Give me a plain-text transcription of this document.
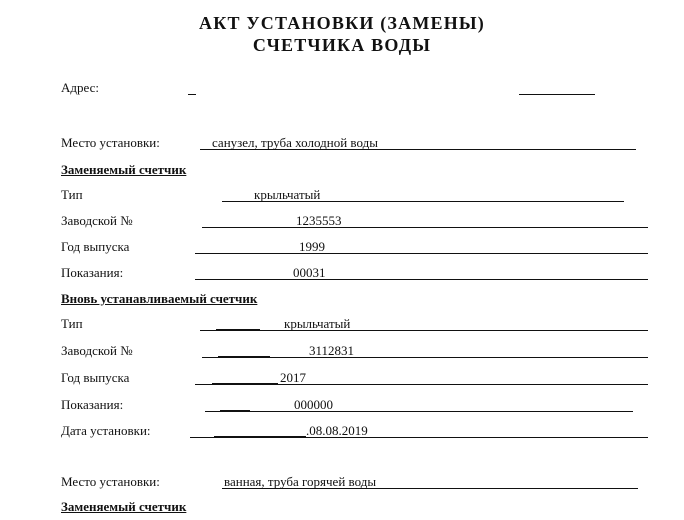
АКТ УСТАНОВКИ (ЗАМЕНЫ)
СЧЕТЧИКА ВОДЫ
Адрес:
Место установки:	санузел, труба холодной воды
Заменяемый счетчик
Тип	крыльчатый
Заводской №	1235553
Год выпуска	1999
Показания:	00031
Вновь устанавливаемый счетчик
Тип	крыльчатый
Заводской №	3112831
Год выпуска	2017
Показания:	000000
Дата установки:	.08.08.2019
Место установки:	ванная, труба горячей воды
Заменяемый счетчик
